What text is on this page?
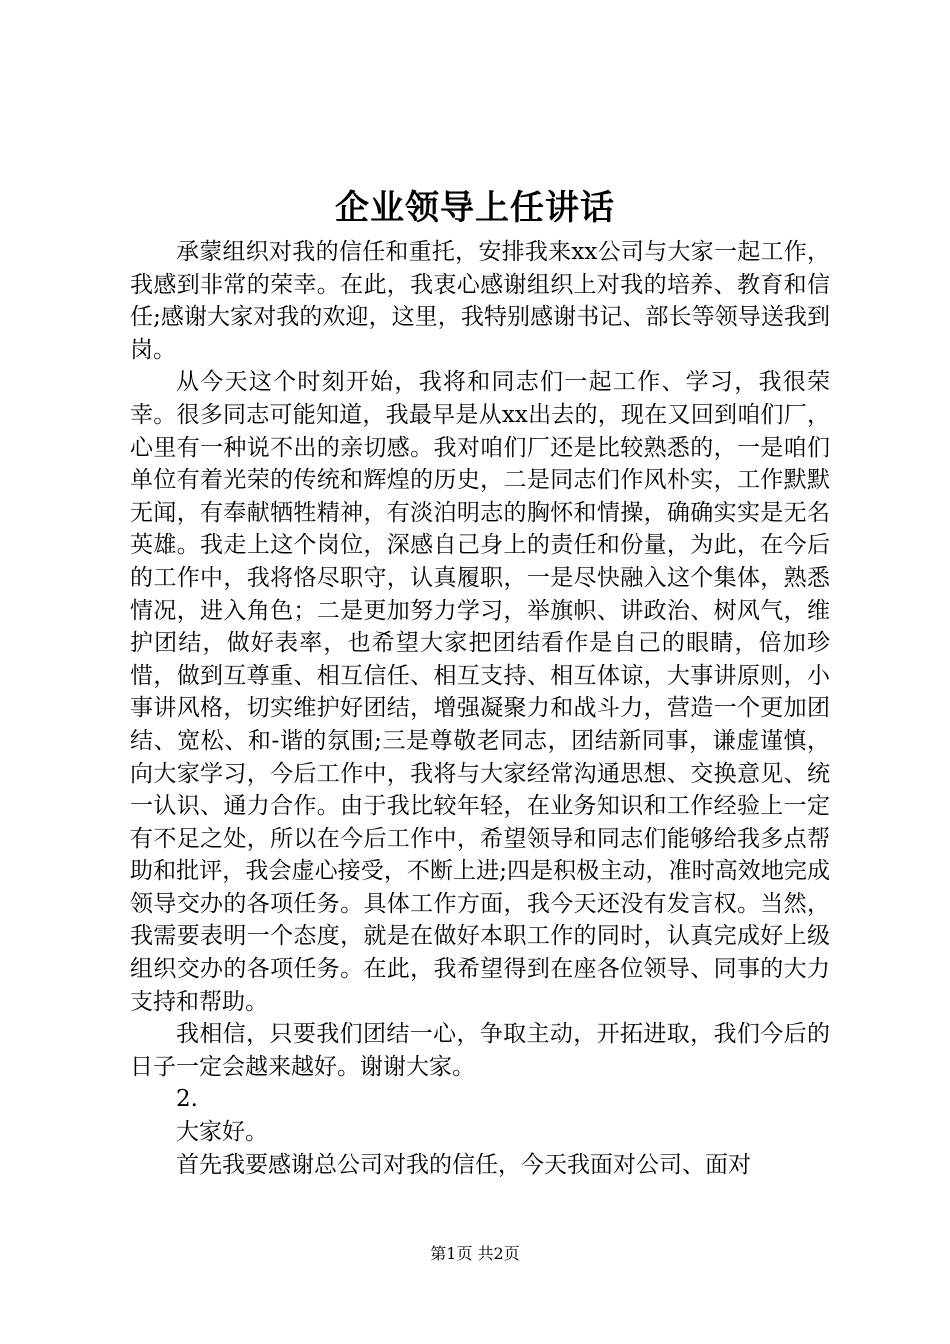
企业领导上任讲话

承蒙组织对我的信任和重托，安排我来xx公司与大家一起工作，我感到非常的荣幸。在此，我衷心感谢组织上对我的培养、教育和信任;感谢大家对我的欢迎，这里，我特别感谢书记、部长等领导送我到岗。

从今天这个时刻开始，我将和同志们一起工作、学习，我很荣幸。很多同志可能知道，我最早是从xx出去的，现在又回到咱们厂，心里有一种说不出的亲切感。我对咱们厂还是比较熟悉的，一是咱们单位有着光荣的传统和辉煌的历史，二是同志们作风朴实，工作默默无闻，有奉献牺牲精神，有淡泊明志的胸怀和情操，确确实实是无名英雄。我走上这个岗位，深感自己身上的责任和份量，为此，在今后的工作中，我将恪尽职守，认真履职，一是尽快融入这个集体，熟悉情况，进入角色；二是更加努力学习，举旗帜、讲政治、树风气，维护团结，做好表率，也希望大家把团结看作是自己的眼睛，倍加珍惜，做到互尊重、相互信任、相互支持、相互体谅，大事讲原则，小事讲风格，切实维护好团结，增强凝聚力和战斗力，营造一个更加团结、宽松、和-谐的氛围;三是尊敬老同志，团结新同事，谦虚谨慎，向大家学习，今后工作中，我将与大家经常沟通思想、交换意见、统一认识、通力合作。由于我比较年轻，在业务知识和工作经验上一定有不足之处，所以在今后工作中，希望领导和同志们能够给我多点帮助和批评，我会虚心接受，不断上进;四是积极主动，准时高效地完成领导交办的各项任务。具体工作方面，我今天还没有发言权。当然，我需要表明一个态度，就是在做好本职工作的同时，认真完成好上级组织交办的各项任务。在此，我希望得到在座各位领导、同事的大力支持和帮助。

我相信，只要我们团结一心，争取主动，开拓进取，我们今后的日子一定会越来越好。谢谢大家。

2.

大家好。

首先我要感谢总公司对我的信任，今天我面对公司、面对

第1页 共2页
